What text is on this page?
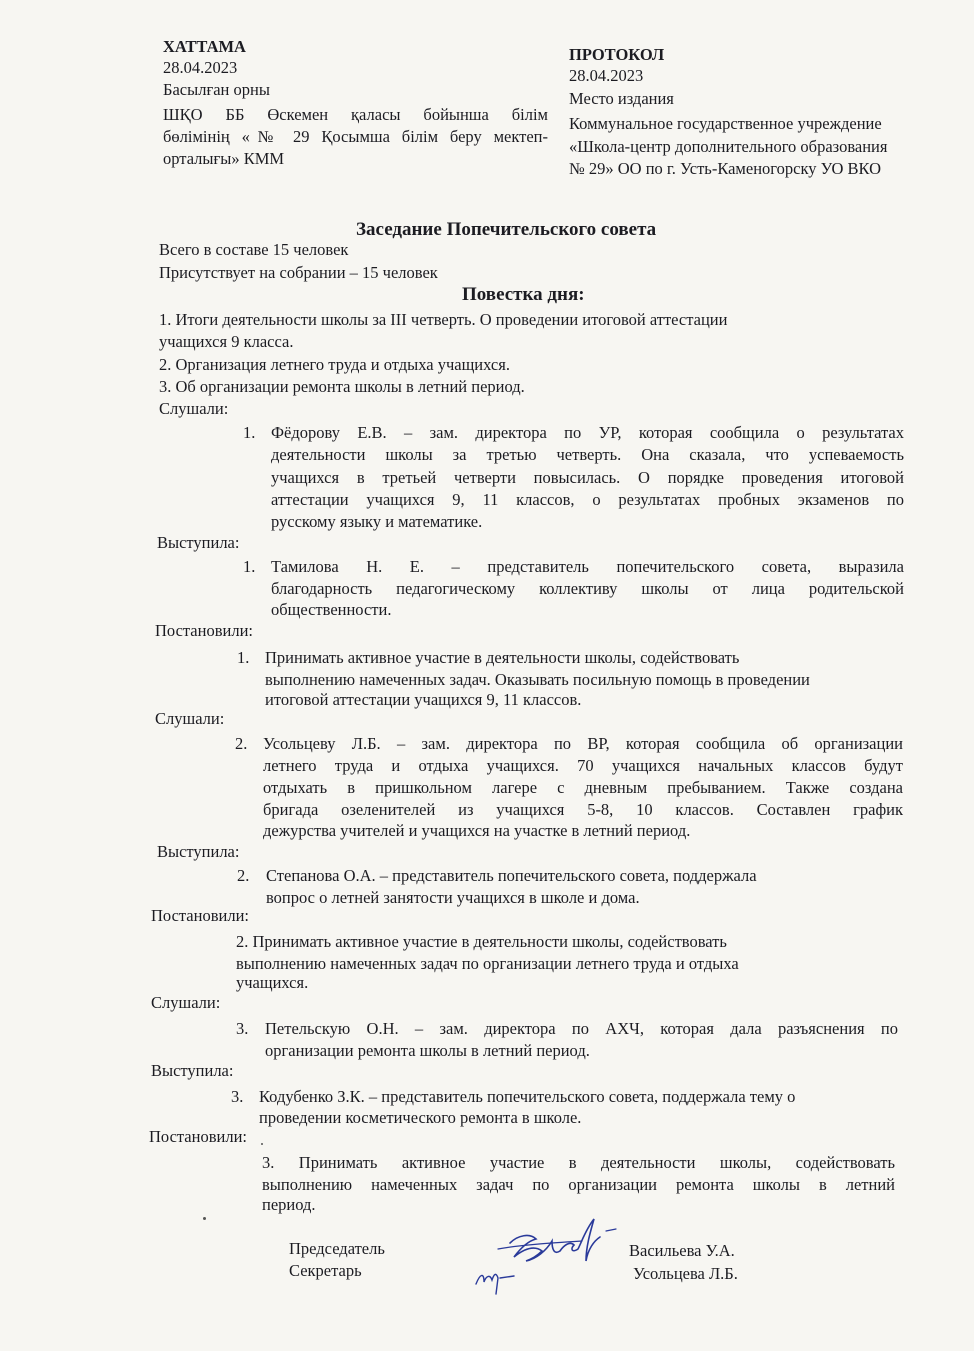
ХАТТАМА
28.04.2023
Басылған орны
ШҚО ББ Өскемен қаласы бойынша білім
бөлімінің «№ 29 Қосымша білім беру мектеп-
орталығы» КММ
ПРОТОКОЛ
28.04.2023
Место издания
Коммунальное государственное учреждение
«Школа-центр дополнительного образования
№ 29» ОО по г. Усть-Каменогорску УО ВКО
Заседание Попечительского совета
Всего в составе 15 человек
Присутствует на собрании – 15 человек
Повестка дня:
1. Итоги деятельности школы за III четверть. О проведении итоговой аттестации
учащихся 9 класса.
2. Организация летнего труда и отдыха учащихся.
3. Об организации ремонта школы в летний период.
Слушали:
1. Фёдорову Е.В. – зам. директора по УР, которая сообщила о результатах
деятельности школы за третью четверть. Она сказала, что успеваемость
учащихся в третьей четверти повысилась. О порядке проведения итоговой
аттестации учащихся 9, 11 классов, о результатах пробных экзаменов по
русскому языку и математике.
Выступила:
1. Тамилова Н. Е. – представитель попечительского совета, выразила
благодарность педагогическому коллективу школы от лица родительской
общественности.
Постановили:
1. Принимать активное участие в деятельности школы, содействовать
выполнению намеченных задач. Оказывать посильную помощь в проведении
итоговой аттестации учащихся 9, 11 классов.
Слушали:
2. Усольцеву Л.Б. – зам. директора по ВР, которая сообщила об организации
летнего труда и отдыха учащихся. 70 учащихся начальных классов будут
отдыхать в пришкольном лагере с дневным пребыванием. Также создана
бригада озеленителей из учащихся 5-8, 10 классов. Составлен график
дежурства учителей и учащихся на участке в летний период.
Выступила:
2. Степанова О.А. – представитель попечительского совета, поддержала
вопрос о летней занятости учащихся в школе и дома.
Постановили:
2. Принимать активное участие в деятельности школы, содействовать
выполнению намеченных задач по организации летнего труда и отдыха
учащихся.
Слушали:
3. Петельскую О.Н. – зам. директора по АХЧ, которая дала разъяснения по
организации ремонта школы в летний период.
Выступила:
3. Кодубенко З.К. – представитель попечительского совета, поддержала тему о
проведении косметического ремонта в школе.
Постановили:
3. Принимать активное участие в деятельности школы, содействовать
выполнению намеченных задач по организации ремонта школы в летний
период.
Председатель
Секретарь
Васильева У.А.
Усольцева Л.Б.
